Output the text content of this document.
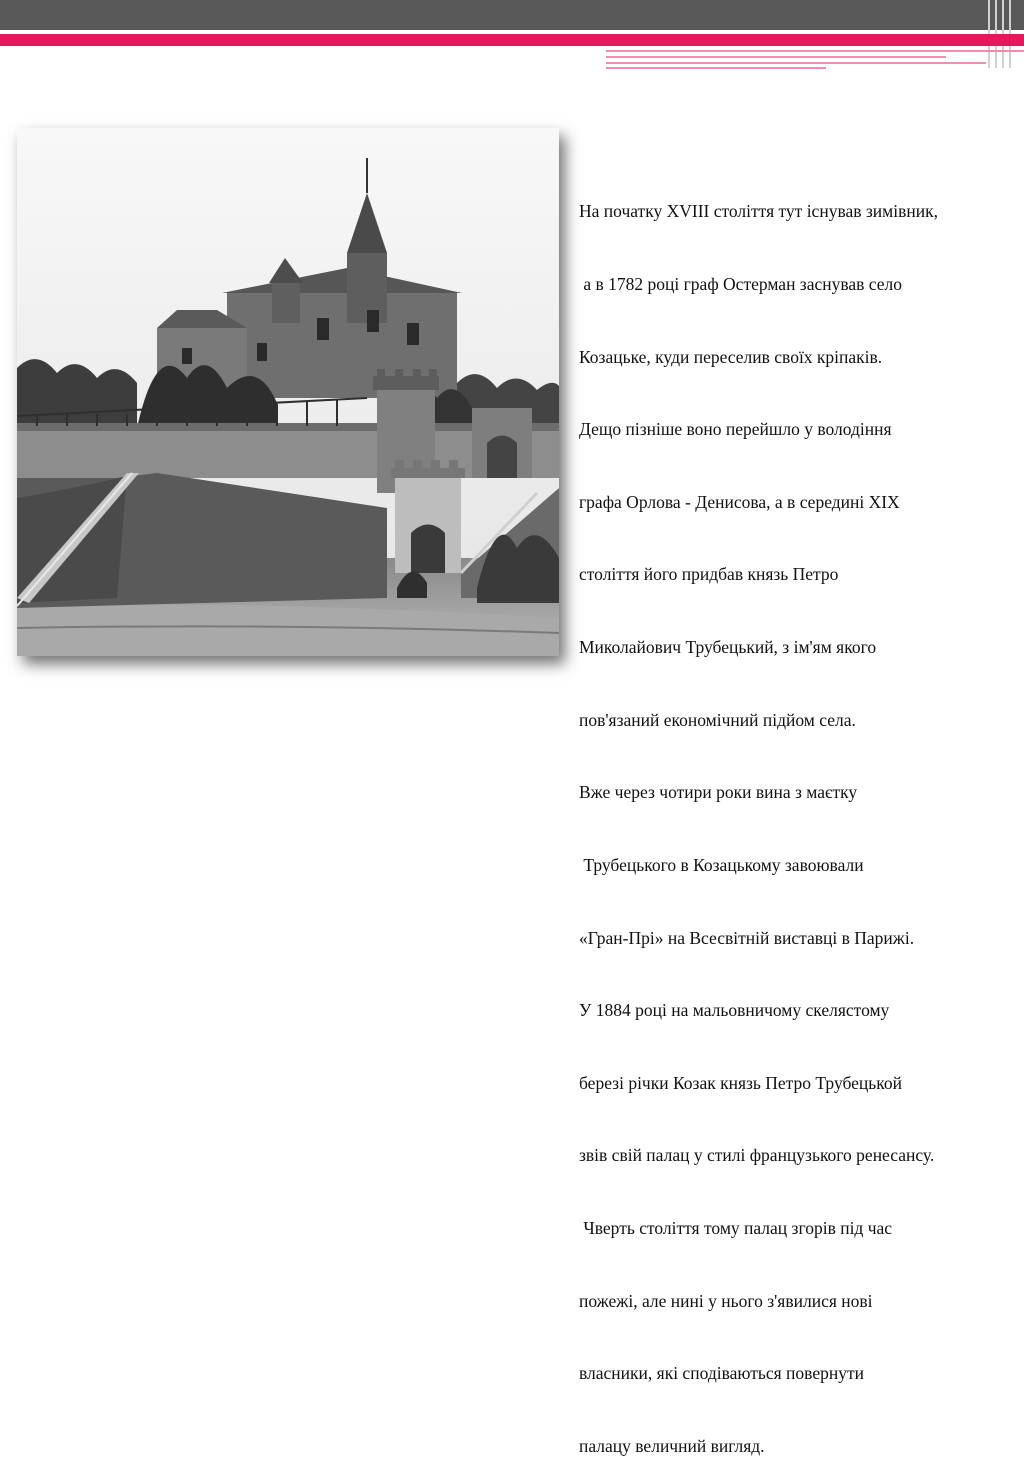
На початку XVIII століття тут існував зимівник,

а в 1782 році граф Остерман заснував село

Козацьке, куди переселив своїх кріпаків.

Дещо пізніше воно перейшло у володіння

графа Орлова - Денисова, а в середині XIX

століття його придбав князь Петро

Миколайович Трубецький, з ім'ям якого

пов'язаний економічний підйом села.

Вже через чотири роки вина з маєтку

Трубецького в Козацькому завоювали

«Гран-Прі» на Всесвітній виставці в Парижі.

У 1884 році на мальовничому скелястому

березі річки Козак князь Петро Трубецькой

звів свій палац у стилі французького ренесансу.

Чверть століття тому палац згорів під час

пожежі, але нині у нього з'явилися нові

власники, які сподіваються повернути

палацу величний вигляд.
